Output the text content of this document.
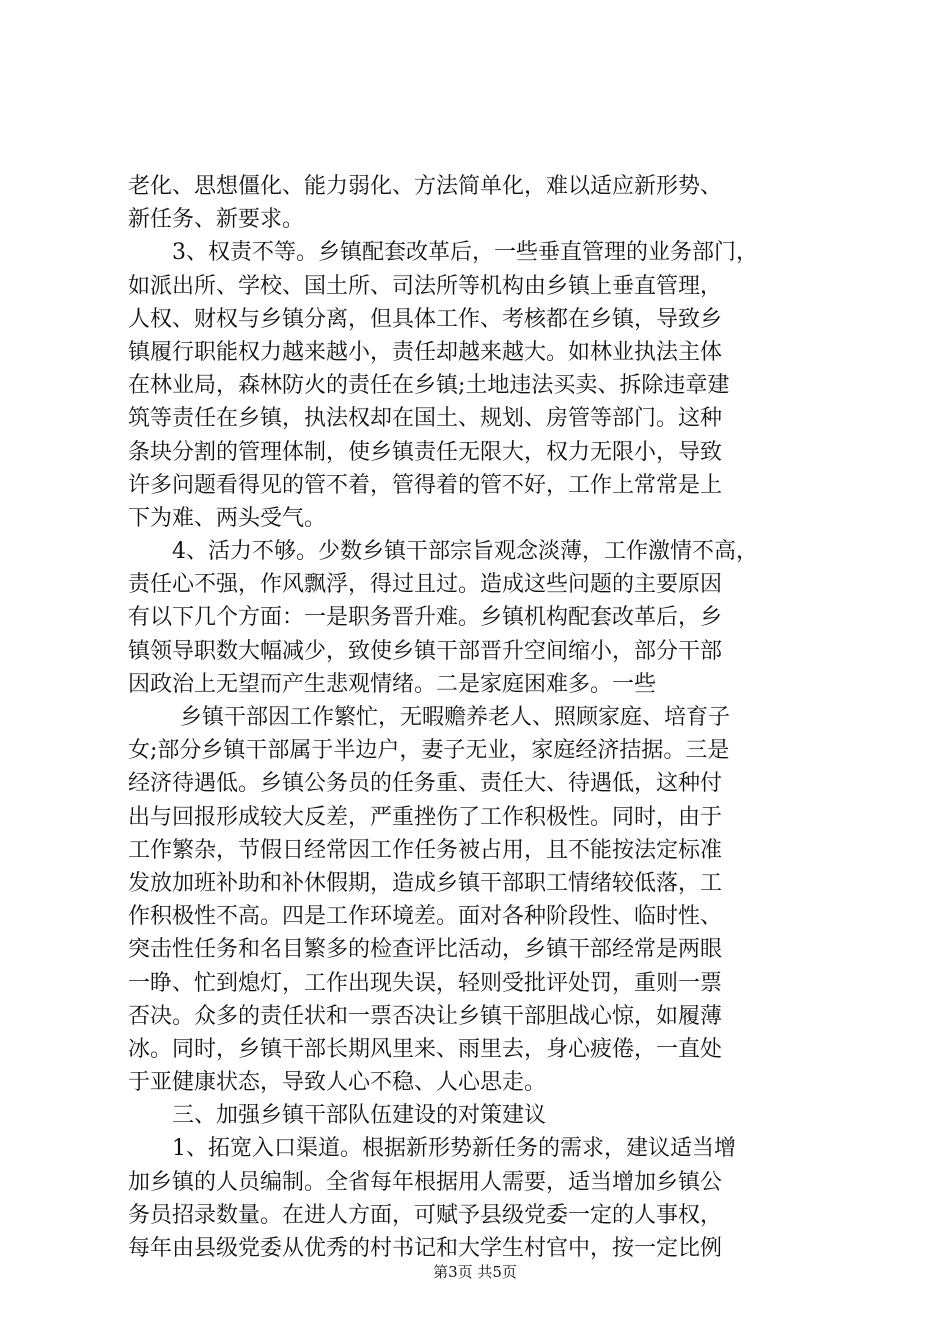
老化、思想僵化、能力弱化、方法简单化，难以适应新形势、
新任务、新要求。
3、权责不等。乡镇配套改革后，一些垂直管理的业务部门，
如派出所、学校、国土所、司法所等机构由乡镇上垂直管理，
人权、财权与乡镇分离，但具体工作、考核都在乡镇，导致乡
镇履行职能权力越来越小，责任却越来越大。如林业执法主体
在林业局，森林防火的责任在乡镇;土地违法买卖、拆除违章建
筑等责任在乡镇，执法权却在国土、规划、房管等部门。这种
条块分割的管理体制，使乡镇责任无限大，权力无限小，导致
许多问题看得见的管不着，管得着的管不好，工作上常常是上
下为难、两头受气。
4、活力不够。少数乡镇干部宗旨观念淡薄，工作激情不高，
责任心不强，作风飘浮，得过且过。造成这些问题的主要原因
有以下几个方面：一是职务晋升难。乡镇机构配套改革后，乡
镇领导职数大幅减少，致使乡镇干部晋升空间缩小，部分干部
因政治上无望而产生悲观情绪。二是家庭困难多。一些
乡镇干部因工作繁忙，无暇赡养老人、照顾家庭、培育子
女;部分乡镇干部属于半边户，妻子无业，家庭经济拮据。三是
经济待遇低。乡镇公务员的任务重、责任大、待遇低，这种付
出与回报形成较大反差，严重挫伤了工作积极性。同时，由于
工作繁杂，节假日经常因工作任务被占用，且不能按法定标准
发放加班补助和补休假期，造成乡镇干部职工情绪较低落，工
作积极性不高。四是工作环境差。面对各种阶段性、临时性、
突击性任务和名目繁多的检查评比活动，乡镇干部经常是两眼
一睁、忙到熄灯，工作出现失误，轻则受批评处罚，重则一票
否决。众多的责任状和一票否决让乡镇干部胆战心惊，如履薄
冰。同时，乡镇干部长期风里来、雨里去，身心疲倦，一直处
于亚健康状态，导致人心不稳、人心思走。
三、加强乡镇干部队伍建设的对策建议
1、拓宽入口渠道。根据新形势新任务的需求，建议适当增
加乡镇的人员编制。全省每年根据用人需要，适当增加乡镇公
务员招录数量。在进人方面，可赋予县级党委一定的人事权，
每年由县级党委从优秀的村书记和大学生村官中，按一定比例
第3页 共5页
